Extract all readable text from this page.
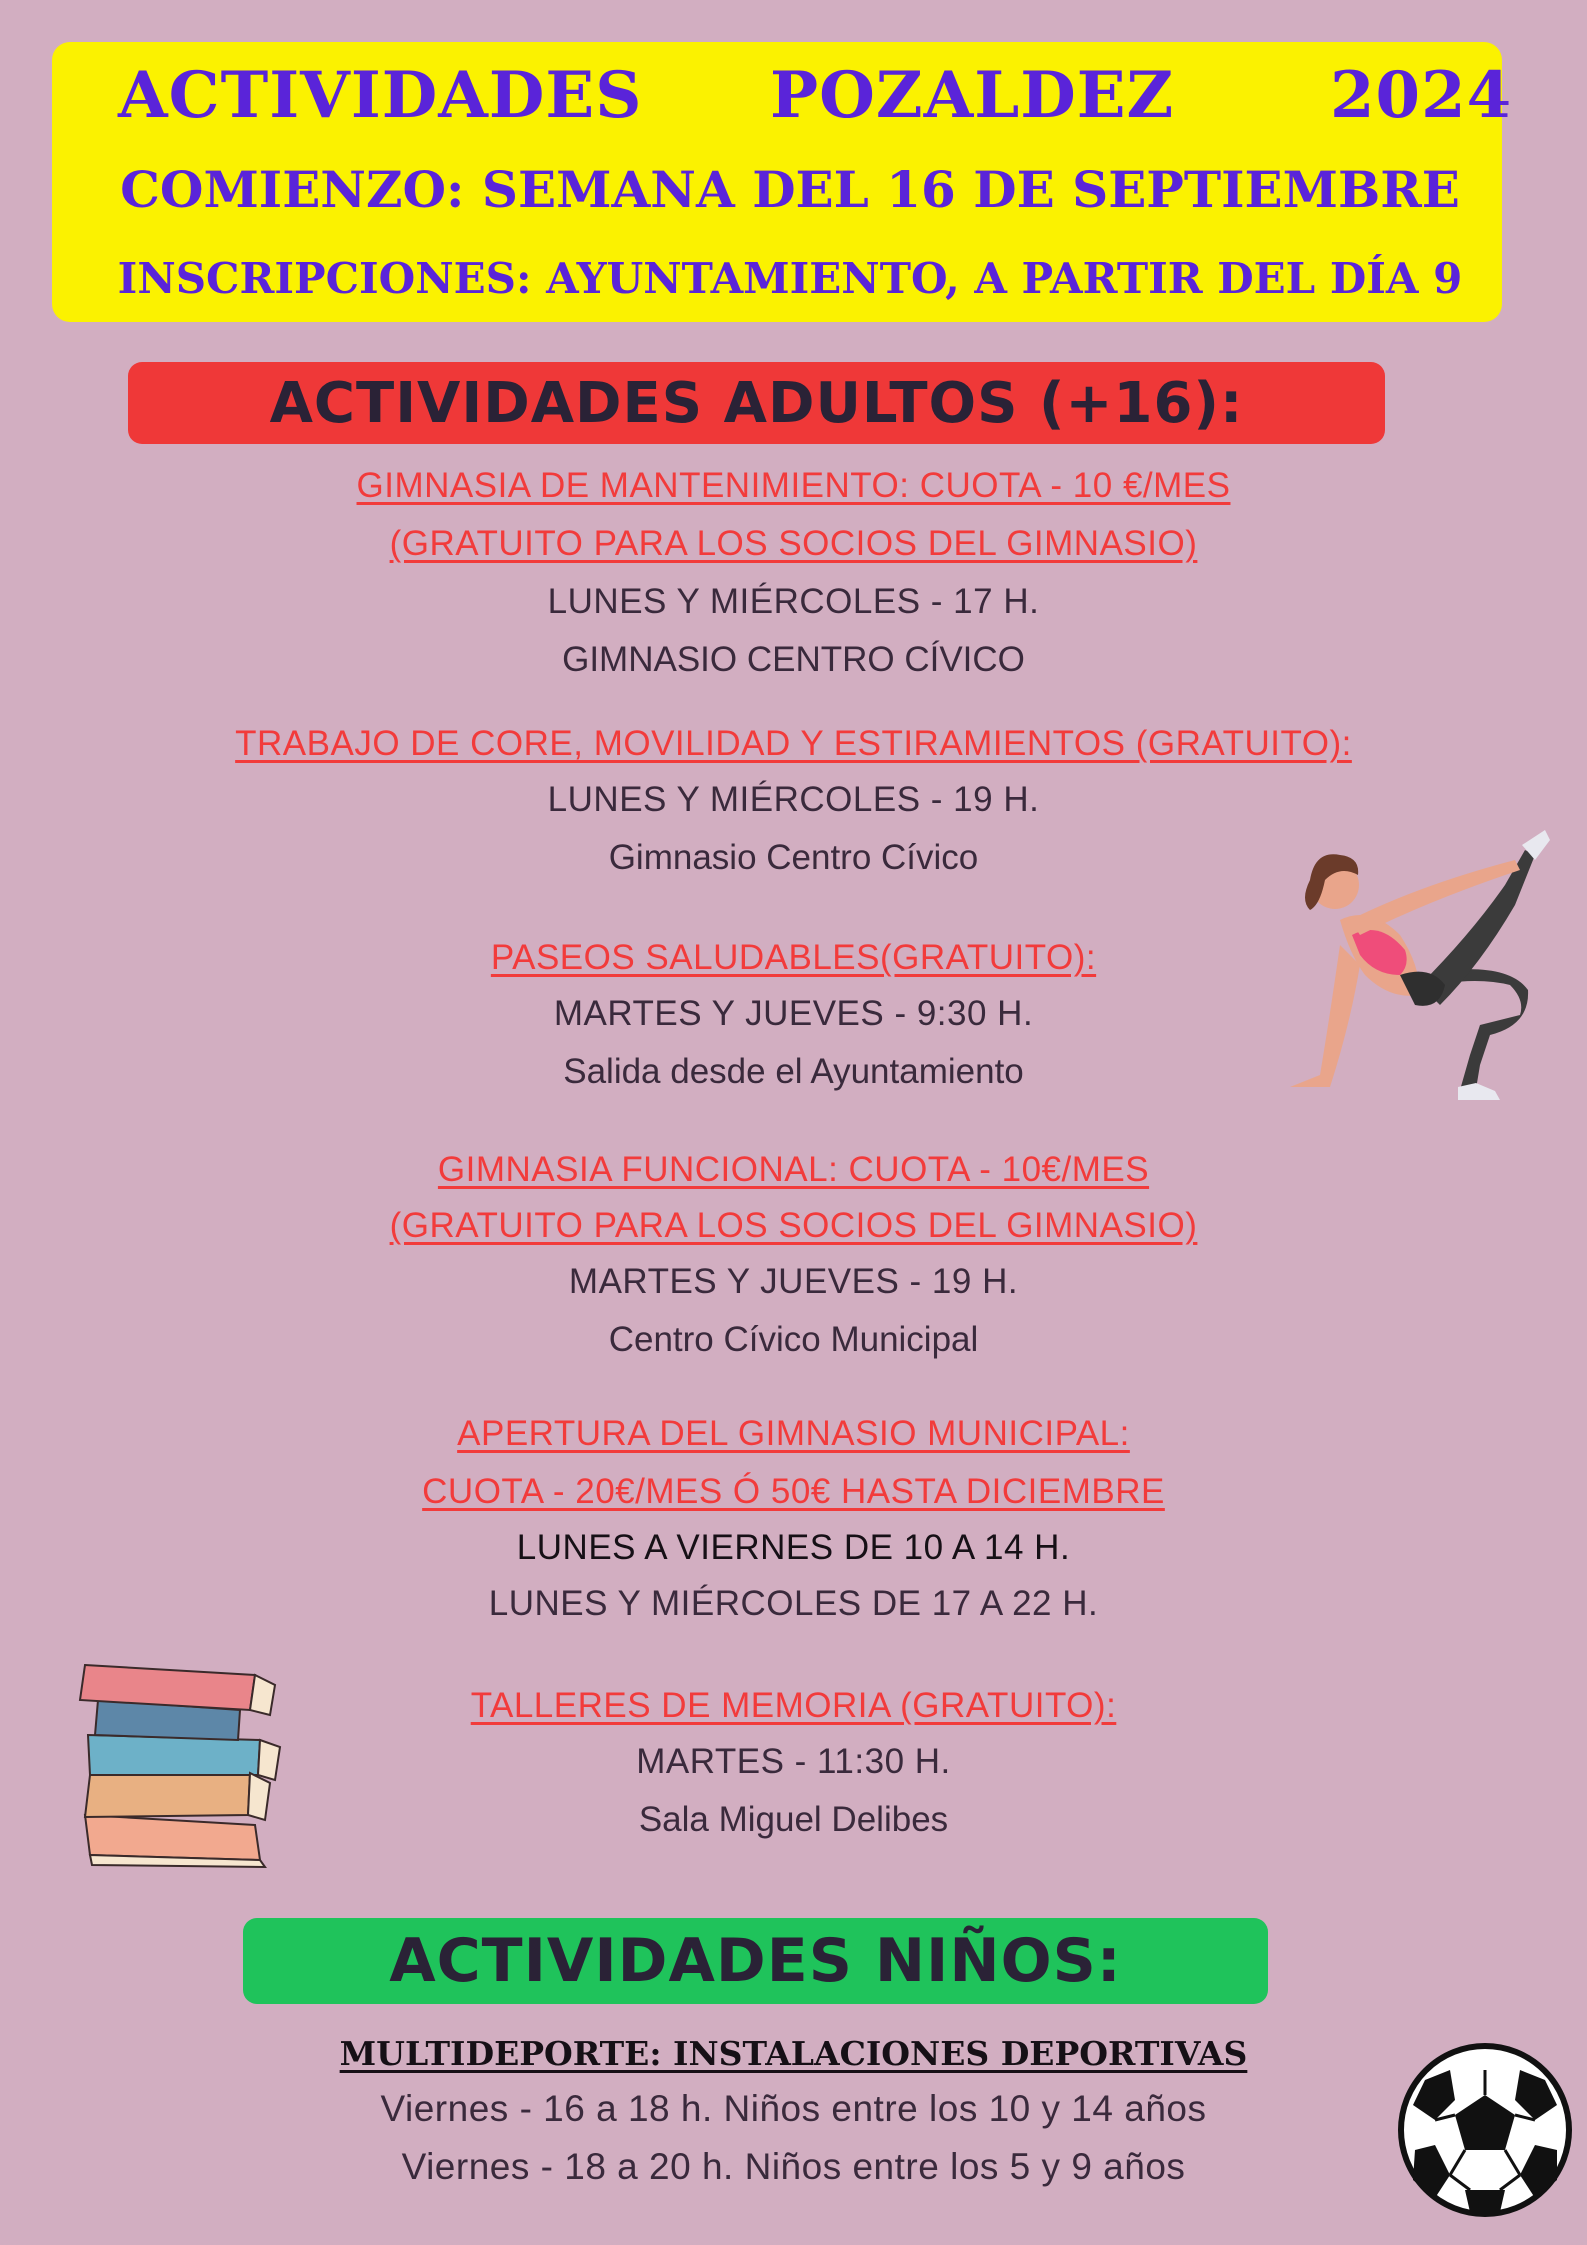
ACTIVIDADES POZALDEZ 2024
COMIENZO: SEMANA DEL 16 DE SEPTIEMBRE
INSCRIPCIONES: AYUNTAMIENTO, A PARTIR DEL DÍA 9
ACTIVIDADES ADULTOS (+16):
GIMNASIA DE MANTENIMIENTO: CUOTA - 10 €/MES
(GRATUITO PARA LOS SOCIOS DEL GIMNASIO)
LUNES Y MIÉRCOLES - 17 H.
GIMNASIO CENTRO CÍVICO
TRABAJO DE CORE, MOVILIDAD Y ESTIRAMIENTOS (GRATUITO):
LUNES Y MIÉRCOLES - 19 H.
Gimnasio Centro Cívico
PASEOS SALUDABLES(GRATUITO):
MARTES Y JUEVES - 9:30 H.
Salida desde el Ayuntamiento
GIMNASIA FUNCIONAL: CUOTA - 10€/MES
(GRATUITO PARA LOS SOCIOS DEL GIMNASIO)
MARTES Y JUEVES - 19 H.
Centro Cívico Municipal
APERTURA DEL GIMNASIO MUNICIPAL:
CUOTA - 20€/MES Ó 50€ HASTA DICIEMBRE
LUNES A VIERNES DE 10 A 14 H.
LUNES Y MIÉRCOLES DE 17 A 22 H.
TALLERES DE MEMORIA (GRATUITO):
MARTES - 11:30 H.
Sala Miguel Delibes
ACTIVIDADES NIÑOS:
MULTIDEPORTE: INSTALACIONES DEPORTIVAS
Viernes - 16 a 18 h. Niños entre los 10 y 14 años
Viernes - 18 a 20 h. Niños entre los 5 y 9 años
